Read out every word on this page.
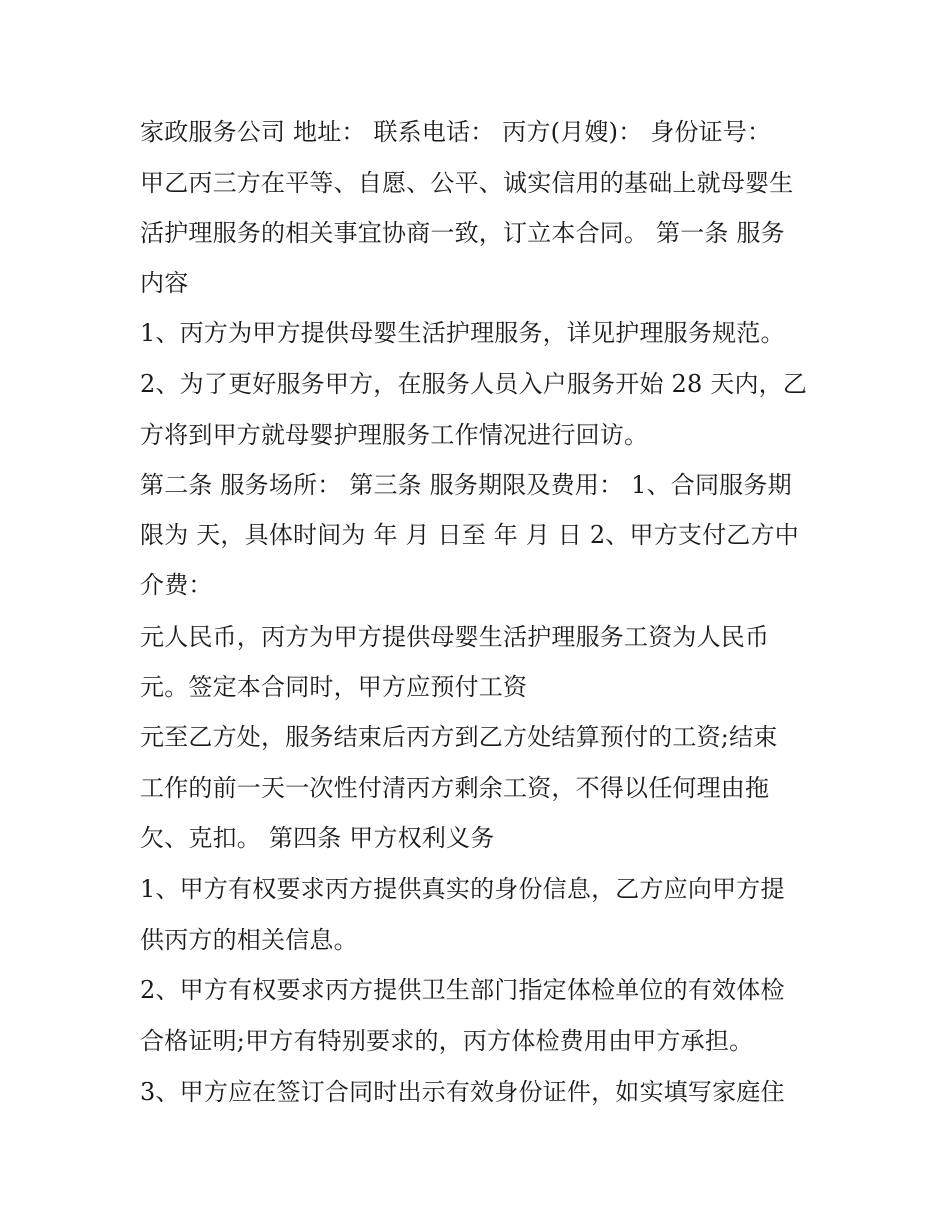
家政服务公司 地址： 联系电话： 丙方(月嫂)： 身份证号：
甲乙丙三方在平等、自愿、公平、诚实信用的基础上就母婴生
活护理服务的相关事宜协商一致，订立本合同。 第一条 服务
内容
1、丙方为甲方提供母婴生活护理服务，详见护理服务规范。
2、为了更好服务甲方，在服务人员入户服务开始 28 天内，乙
方将到甲方就母婴护理服务工作情况进行回访。
第二条 服务场所： 第三条 服务期限及费用： 1、合同服务期
限为 天，具体时间为 年 月 日至 年 月 日 2、甲方支付乙方中
介费：
元人民币，丙方为甲方提供母婴生活护理服务工资为人民币
元。签定本合同时，甲方应预付工资
元至乙方处，服务结束后丙方到乙方处结算预付的工资;结束
工作的前一天一次性付清丙方剩余工资，不得以任何理由拖
欠、克扣。 第四条 甲方权利义务
1、甲方有权要求丙方提供真实的身份信息，乙方应向甲方提
供丙方的相关信息。
2、甲方有权要求丙方提供卫生部门指定体检单位的有效体检
合格证明;甲方有特别要求的，丙方体检费用由甲方承担。
3、甲方应在签订合同时出示有效身份证件，如实填写家庭住
